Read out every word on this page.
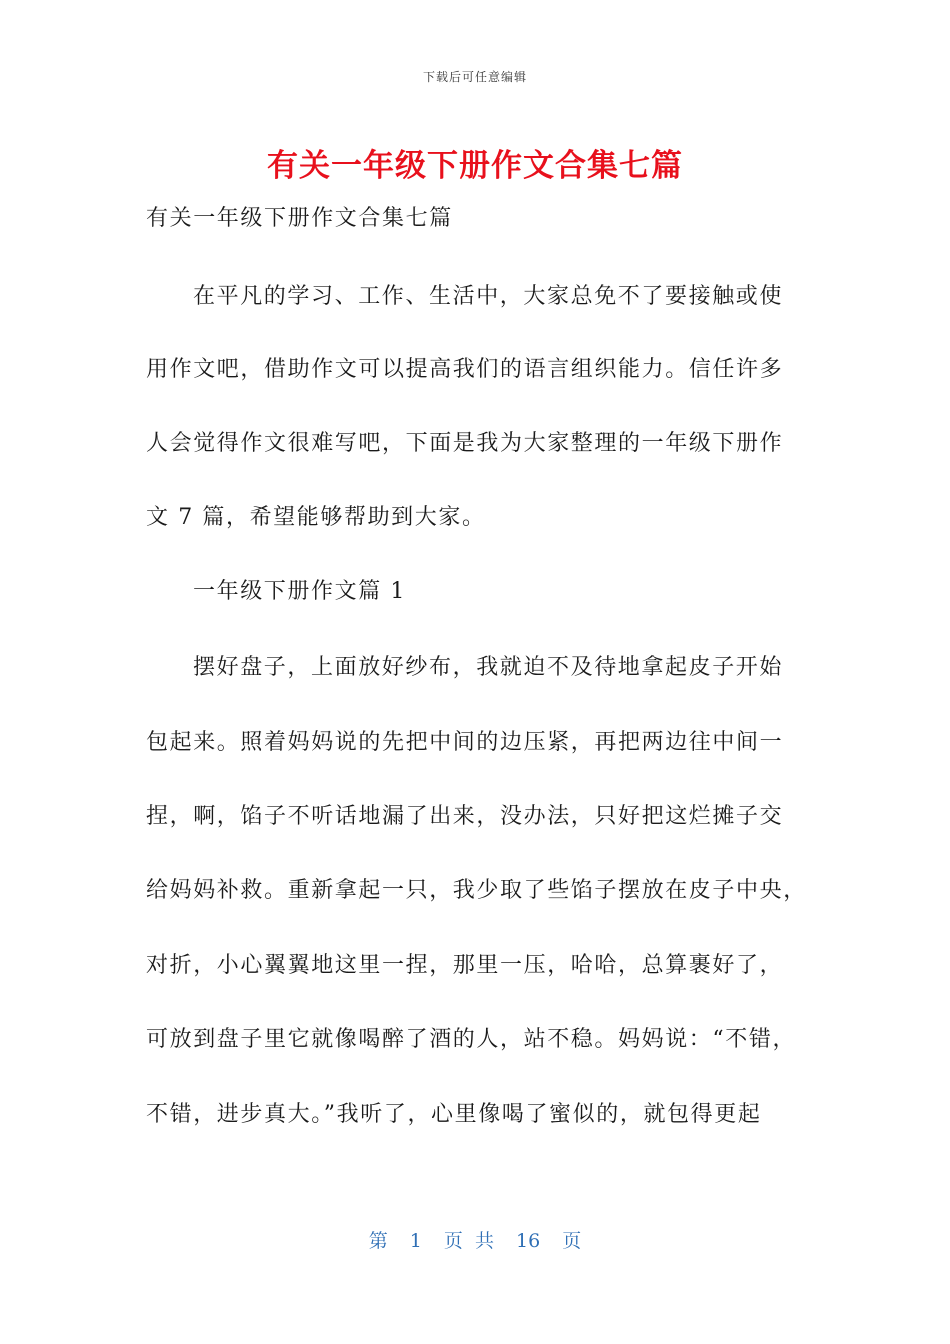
下载后可任意编辑
有关一年级下册作文合集七篇
有关一年级下册作文合集七篇
在平凡的学习、工作、生活中，大家总免不了要接触或使
用作文吧，借助作文可以提高我们的语言组织能力。信任许多
人会觉得作文很难写吧，下面是我为大家整理的一年级下册作
文 7 篇，希望能够帮助到大家。
一年级下册作文篇 1
摆好盘子，上面放好纱布，我就迫不及待地拿起皮子开始
包起来。照着妈妈说的先把中间的边压紧，再把两边往中间一
捏，啊，馅子不听话地漏了出来，没办法，只好把这烂摊子交
给妈妈补救。重新拿起一只，我少取了些馅子摆放在皮子中央，
对折，小心翼翼地这里一捏，那里一压，哈哈，总算裹好了，
可放到盘子里它就像喝醉了酒的人，站不稳。妈妈说：“不错，
不错，进步真大。”我听了，心里像喝了蜜似的，就包得更起
第 1 页 共 16 页
